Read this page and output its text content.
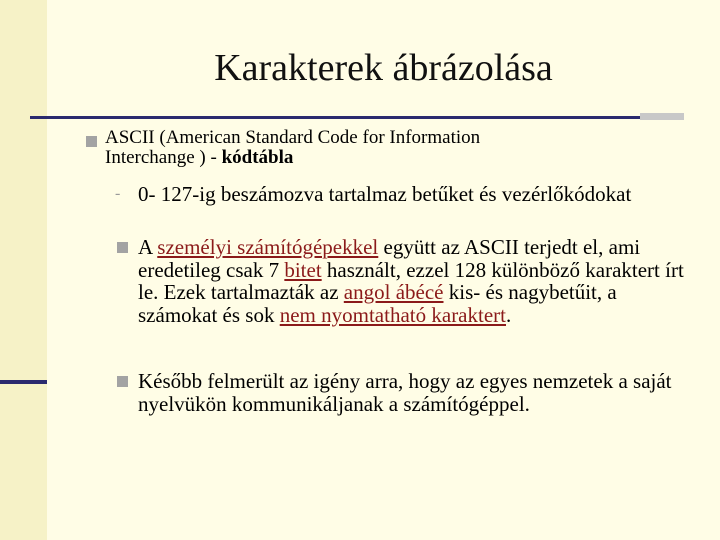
Karakterek ábrázolása
ASCII (American Standard Code for Information
Interchange ) - kódtábla
- 0- 127-ig beszámozva tartalmaz betűket és vezérlőkódokat
A személyi számítógépekkel együtt az ASCII terjedt el, ami eredetileg csak 7 bitet használt, ezzel 128 különböző karaktert írt le. Ezek tartalmazták az angol ábécé kis- és nagybetűit, a számokat és sok nem nyomtatható karaktert.
Később felmerült az igény arra, hogy az egyes nemzetek a saját nyelvükön kommunikáljanak a számítógéppel.
